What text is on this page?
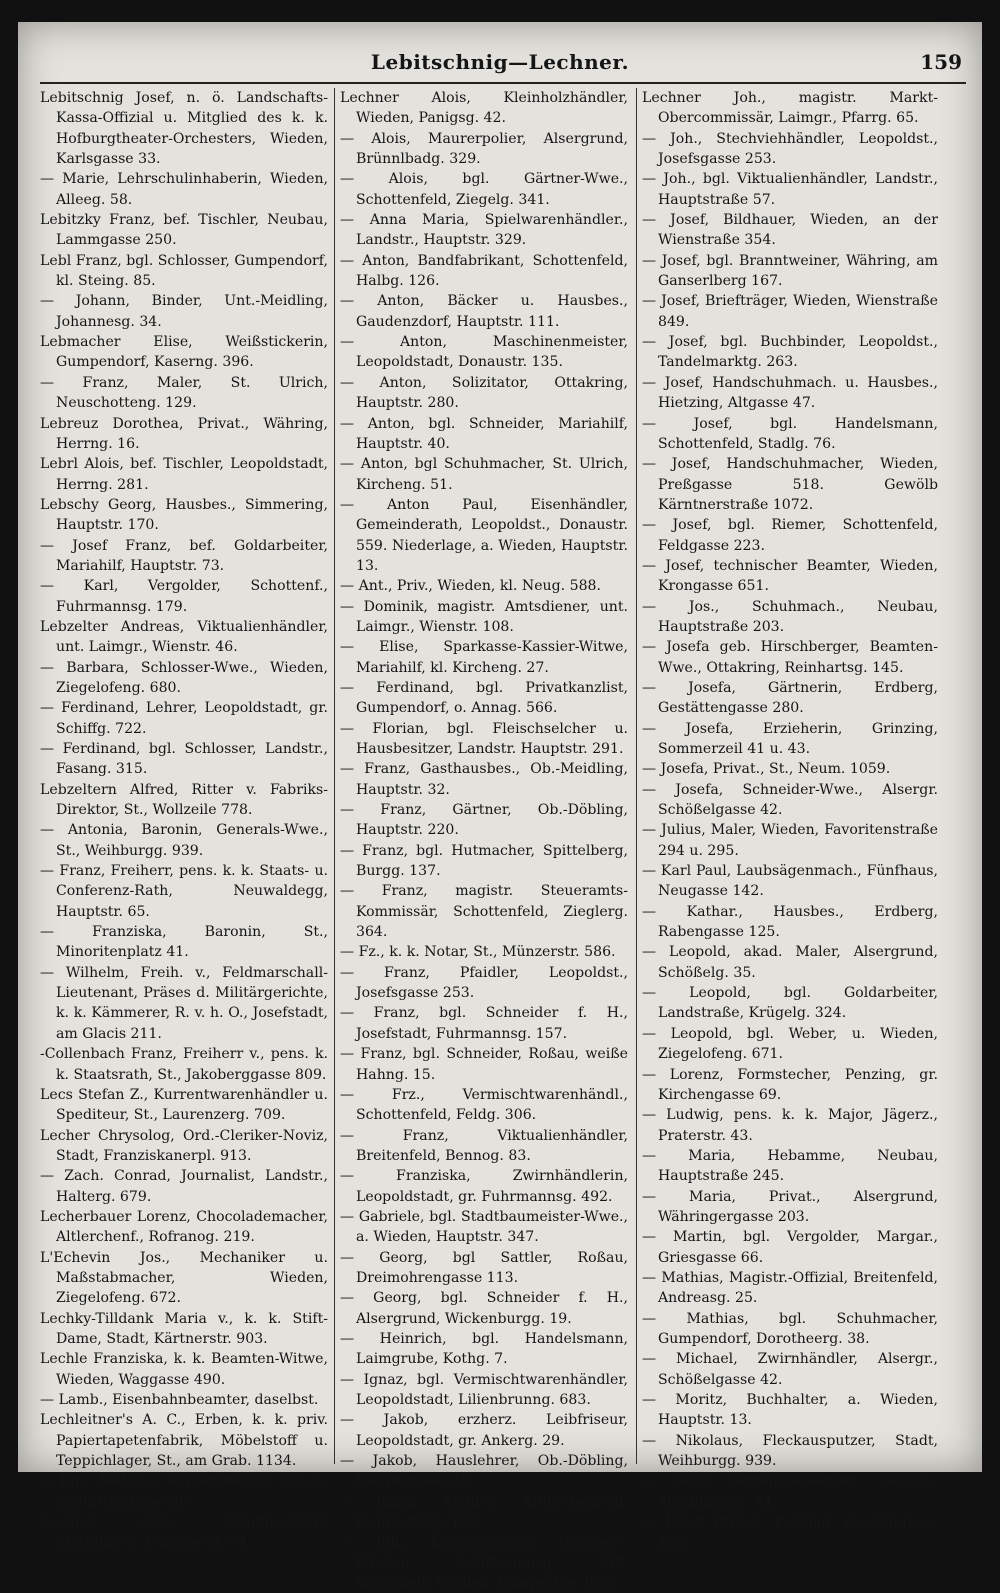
Lebitschnig—Lechner.	159
Lebitschnig Josef, n. ö. Landschafts-Kassa-Offizial u. Mitglied des k. k. Hofburgtheater-Orchesters, Wieden, Karlsgasse 33.
— Marie, Lehrschulinhaberin, Wieden, Alleeg. 58.
Lebitzky Franz, bef. Tischler, Neubau, Lammgasse 250.
Lebl Franz, bgl. Schlosser, Gumpendorf, kl. Steing. 85.
— Johann, Binder, Unt.-Meidling, Johannesg. 34.
Lebmacher Elise, Weißstickerin, Gumpendorf, Kaserng. 396.
— Franz, Maler, St. Ulrich, Neuschotteng. 129.
Lebreuz Dorothea, Privat., Währing, Herrng. 16.
Lebrl Alois, bef. Tischler, Leopoldstadt, Herrng. 281.
Lebschy Georg, Hausbes., Simmering, Hauptstr. 170.
— Josef Franz, bef. Goldarbeiter, Mariahilf, Hauptstr. 73.
— Karl, Vergolder, Schottenf., Fuhrmannsg. 179.
Lebzelter Andreas, Viktualienhändler, unt. Laimgr., Wienstr. 46.
— Barbara, Schlosser-Wwe., Wieden, Ziegelofeng. 680.
— Ferdinand, Lehrer, Leopoldstadt, gr. Schiffg. 722.
— Ferdinand, bgl. Schlosser, Landstr., Fasang. 315.
Lebzeltern Alfred, Ritter v. Fabriks-Direktor, St., Wollzeile 778.
— Antonia, Baronin, Generals-Wwe., St., Weihburgg. 939.
— Franz, Freiherr, pens. k. k. Staats- u. Conferenz-Rath, Neuwaldegg, Hauptstr. 65.
— Franziska, Baronin, St., Minoritenplatz 41.
— Wilhelm, Freih. v., Feldmarschall-Lieutenant, Präses d. Militärgerichte, k. k. Kämmerer, R. v. h. O., Josefstadt, am Glacis 211.
-Collenbach Franz, Freiherr v., pens. k. k. Staatsrath, St., Jakoberggasse 809.
Lecs Stefan Z., Kurrentwarenhändler u. Spediteur, St., Laurenzerg. 709.
Lecher Chrysolog, Ord.-Cleriker-Noviz, Stadt, Franziskanerpl. 913.
— Zach. Conrad, Journalist, Landstr., Halterg. 679.
Lecherbauer Lorenz, Chocolademacher, Altlerchenf., Rofranog. 219.
L'Echevin Jos., Mechaniker u. Maßstabmacher, Wieden, Ziegelofeng. 672.
Lechky-Tilldank Maria v., k. k. Stift-Dame, Stadt, Kärtnerstr. 903.
Lechle Franziska, k. k. Beamten-Witwe, Wieden, Waggasse 490.
— Lamb., Eisenbahnbeamter, daselbst.
Lechleitner's A. C., Erben, k. k. priv. Papiertapetenfabrik, Möbelstoff u. Teppichlager, St., am Grab. 1134.
— Ign., Maler u. Kupferstecher, Roßau, Gestättengasse 20.
Lechner Alex., Kommissionär, Spittelberg, Johannesg. 54.
Lechner Alois, Kleinholzhändler, Wieden, Panigsg. 42.
— Alois, Maurerpolier, Alsergrund, Brünnlbadg. 329.
— Alois, bgl. Gärtner-Wwe., Schottenfeld, Ziegelg. 341.
— Anna Maria, Spielwarenhändler., Landstr., Hauptstr. 329.
— Anton, Bandfabrikant, Schottenfeld, Halbg. 126.
— Anton, Bäcker u. Hausbes., Gaudenzdorf, Hauptstr. 111.
— Anton, Maschinenmeister, Leopoldstadt, Donaustr. 135.
— Anton, Solizitator, Ottakring, Hauptstr. 280.
— Anton, bgl. Schneider, Mariahilf, Hauptstr. 40.
— Anton, bgl Schuhmacher, St. Ulrich, Kircheng. 51.
— Anton Paul, Eisenhändler, Gemeinderath, Leopoldst., Donaustr. 559. Niederlage, a. Wieden, Hauptstr. 13.
— Ant., Priv., Wieden, kl. Neug. 588.
— Dominik, magistr. Amtsdiener, unt. Laimgr., Wienstr. 108.
— Elise, Sparkasse-Kassier-Witwe, Mariahilf, kl. Kircheng. 27.
— Ferdinand, bgl. Privatkanzlist, Gumpendorf, o. Annag. 566.
— Florian, bgl. Fleischselcher u. Hausbesitzer, Landstr. Hauptstr. 291.
— Franz, Gasthausbes., Ob.-Meidling, Hauptstr. 32.
— Franz, Gärtner, Ob.-Döbling, Hauptstr. 220.
— Franz, bgl. Hutmacher, Spittelberg, Burgg. 137.
— Franz, magistr. Steueramts-Kommissär, Schottenfeld, Zieglerg. 364.
— Fz., k. k. Notar, St., Münzerstr. 586.
— Franz, Pfaidler, Leopoldst., Josefsgasse 253.
— Franz, bgl. Schneider f. H., Josefstadt, Fuhrmannsg. 157.
— Franz, bgl. Schneider, Roßau, weiße Hahng. 15.
— Frz., Vermischtwarenhändl., Schottenfeld, Feldg. 306.
— Franz, Viktualienhändler, Breitenfeld, Bennog. 83.
— Franziska, Zwirnhändlerin, Leopoldstadt, gr. Fuhrmannsg. 492.
— Gabriele, bgl. Stadtbaumeister-Wwe., a. Wieden, Hauptstr. 347.
— Georg, bgl Sattler, Roßau, Dreimohrengasse 113.
— Georg, bgl. Schneider f. H., Alsergrund, Wickenburgg. 19.
— Heinrich, bgl. Handelsmann, Laimgrube, Kothg. 7.
— Ignaz, bgl. Vermischtwarenhändler, Leopoldstadt, Lilienbrunng. 683.
— Jakob, erzherz. Leibfriseur, Leopoldstadt, gr. Ankerg. 29.
— Jakob, Hauslehrer, Ob.-Döbling, Hauptstraße 28.
— Ignaz, Maurer, Altlerchenfeld, Hauptstraße 164.
— Joh., Essigerzeuger, Hausbes., Wieden, Schiffmannsg. 748. Verschleiß Wieden, Lumpertsg. 925.
Lechner Joh., magistr. Markt-Obercommissär, Laimgr., Pfarrg. 65.
— Joh., Stechviehhändler, Leopoldst., Josefsgasse 253.
— Joh., bgl. Viktualienhändler, Landstr., Hauptstraße 57.
— Josef, Bildhauer, Wieden, an der Wienstraße 354.
— Josef, bgl. Branntweiner, Währing, am Ganserlberg 167.
— Josef, Briefträger, Wieden, Wienstraße 849.
— Josef, bgl. Buchbinder, Leopoldst., Tandelmarktg. 263.
— Josef, Handschuhmach. u. Hausbes., Hietzing, Altgasse 47.
— Josef, bgl. Handelsmann, Schottenfeld, Stadlg. 76.
— Josef, Handschuhmacher, Wieden, Preßgasse 518. Gewölb Kärntnerstraße 1072.
— Josef, bgl. Riemer, Schottenfeld, Feldgasse 223.
— Josef, technischer Beamter, Wieden, Krongasse 651.
— Jos., Schuhmach., Neubau, Hauptstraße 203.
— Josefa geb. Hirschberger, Beamten-Wwe., Ottakring, Reinhartsg. 145.
— Josefa, Gärtnerin, Erdberg, Gestättengasse 280.
— Josefa, Erzieherin, Grinzing, Sommerzeil 41 u. 43.
— Josefa, Privat., St., Neum. 1059.
— Josefa, Schneider-Wwe., Alsergr. Schößelgasse 42.
— Julius, Maler, Wieden, Favoritenstraße 294 u. 295.
— Karl Paul, Laubsägenmach., Fünfhaus, Neugasse 142.
— Kathar., Hausbes., Erdberg, Rabengasse 125.
— Leopold, akad. Maler, Alsergrund, Schößelg. 35.
— Leopold, bgl. Goldarbeiter, Landstraße, Krügelg. 324.
— Leopold, bgl. Weber, u. Wieden, Ziegelofeng. 671.
— Lorenz, Formstecher, Penzing, gr. Kirchengasse 69.
— Ludwig, pens. k. k. Major, Jägerz., Praterstr. 43.
— Maria, Hebamme, Neubau, Hauptstraße 245.
— Maria, Privat., Alsergrund, Währingergasse 203.
— Martin, bgl. Vergolder, Margar., Griesgasse 66.
— Mathias, Magistr.-Offizial, Breitenfeld, Andreasg. 25.
— Mathias, bgl. Schuhmacher, Gumpendorf, Dorotheerg. 38.
— Michael, Zwirnhändler, Alsergr., Schößelgasse 42.
— Moritz, Buchhalter, a. Wieden, Hauptstr. 13.
— Nikolaus, Fleckausputzer, Stadt, Weihburgg. 939.
— Peter, Gemeindebeamter, Sechsh., Meidlingerg. 41.
— Peter, Privat., Penzing, Zwerchgasse 128.
